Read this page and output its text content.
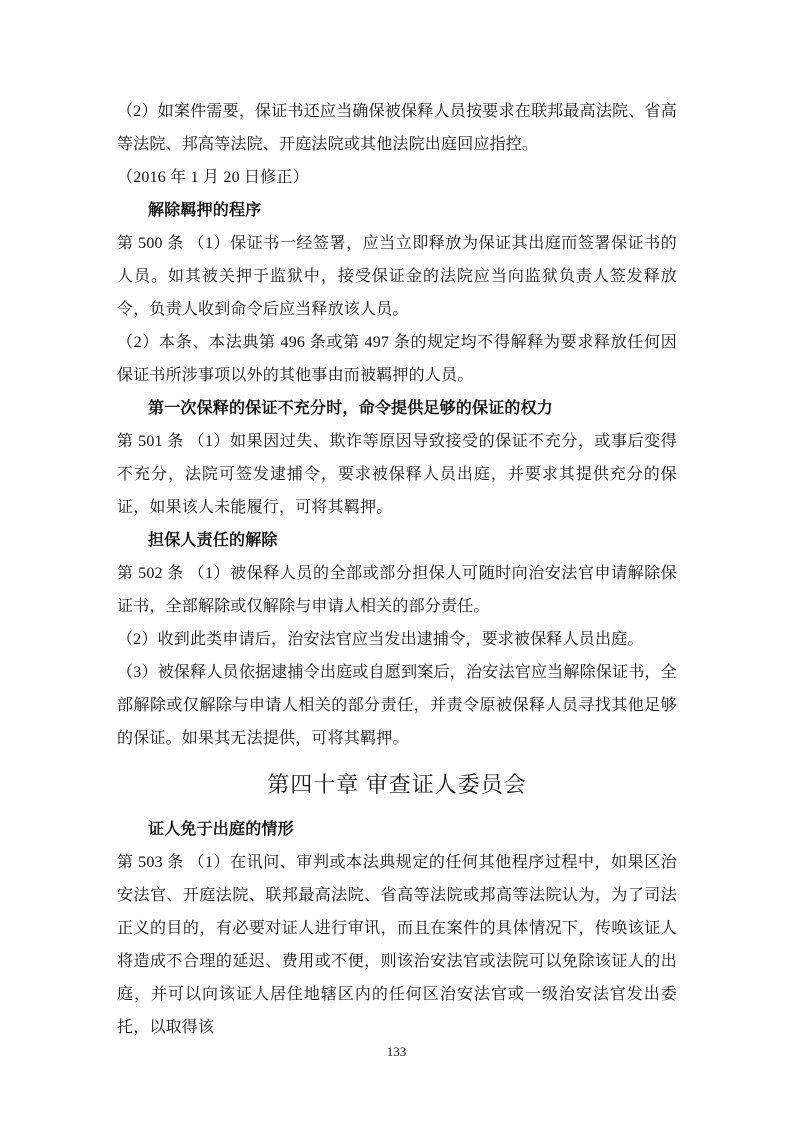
（2）如案件需要，保证书还应当确保被保释人员按要求在联邦最高法院、省高等法院、邦高等法院、开庭法院或其他法院出庭回应指控。

（2016 年 1 月 20 日修正）

解除羁押的程序

第 500 条 （1）保证书一经签署，应当立即释放为保证其出庭而签署保证书的人员。如其被关押于监狱中，接受保证金的法院应当向监狱负责人签发释放令，负责人收到命令后应当释放该人员。

（2）本条、本法典第 496 条或第 497 条的规定均不得解释为要求释放任何因保证书所涉事项以外的其他事由而被羁押的人员。

第一次保释的保证不充分时，命令提供足够的保证的权力

第 501 条 （1）如果因过失、欺诈等原因导致接受的保证不充分，或事后变得不充分，法院可签发逮捕令，要求被保释人员出庭，并要求其提供充分的保证，如果该人未能履行，可将其羁押。

担保人责任的解除

第 502 条 （1）被保释人员的全部或部分担保人可随时向治安法官申请解除保证书，全部解除或仅解除与申请人相关的部分责任。

（2）收到此类申请后，治安法官应当发出逮捕令，要求被保释人员出庭。

（3）被保释人员依据逮捕令出庭或自愿到案后，治安法官应当解除保证书，全部解除或仅解除与申请人相关的部分责任，并责令原被保释人员寻找其他足够的保证。如果其无法提供，可将其羁押。

第四十章 审查证人委员会

证人免于出庭的情形

第 503 条 （1）在讯问、审判或本法典规定的任何其他程序过程中，如果区治安法官、开庭法院、联邦最高法院、省高等法院或邦高等法院认为，为了司法正义的目的，有必要对证人进行审讯，而且在案件的具体情况下，传唤该证人将造成不合理的延迟、费用或不便，则该治安法官或法院可以免除该证人的出庭，并可以向该证人居住地辖区内的任何区治安法官或一级治安法官发出委托，以取得该

133
